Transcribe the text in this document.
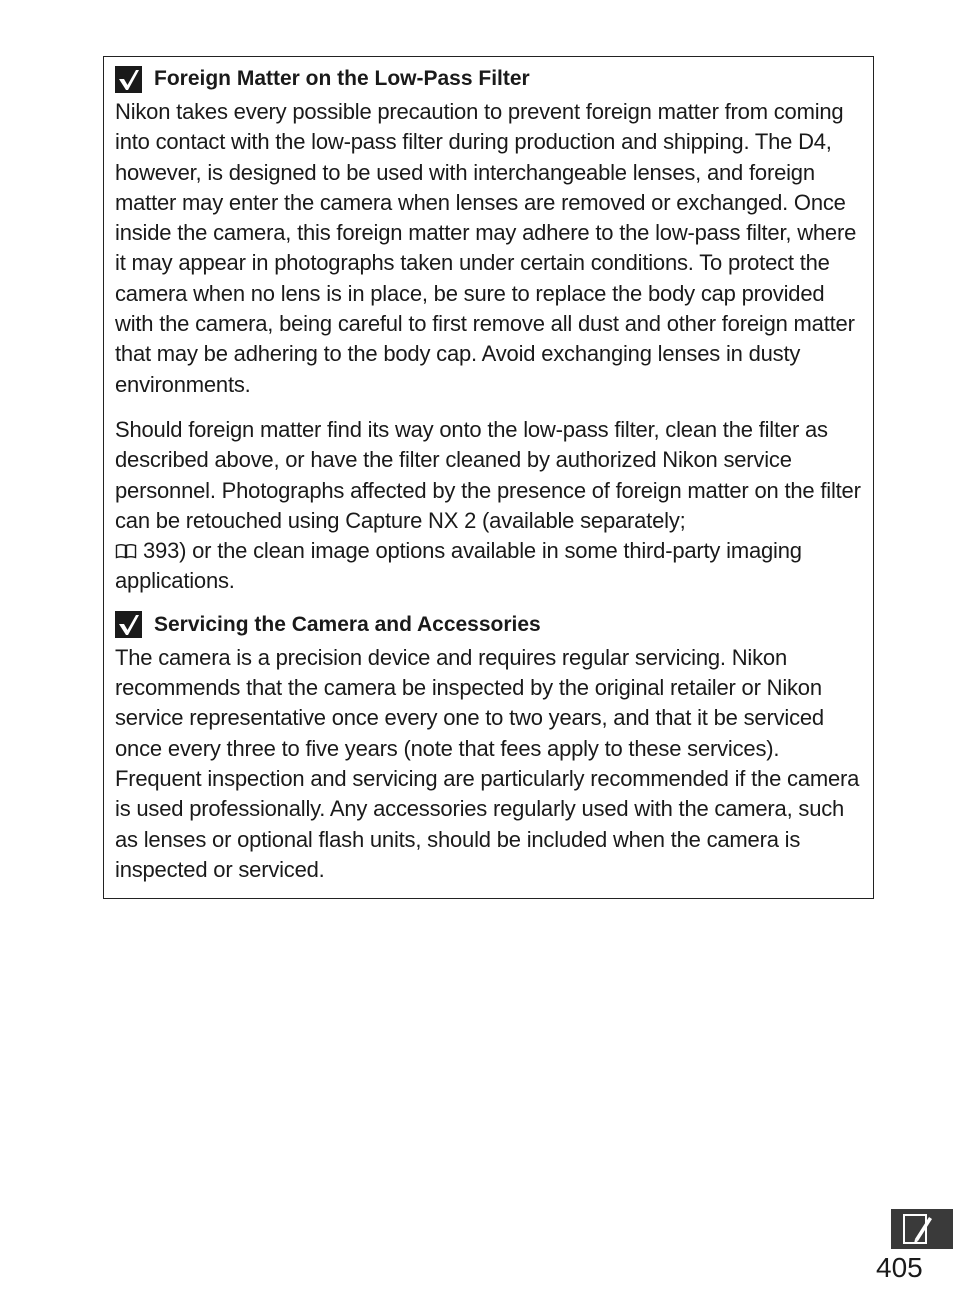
Foreign Matter on the Low-Pass Filter

Nikon takes every possible precaution to prevent foreign matter from coming into contact with the low-pass filter during production and shipping. The D4, however, is designed to be used with interchangeable lenses, and foreign matter may enter the camera when lenses are removed or exchanged. Once inside the camera, this foreign matter may adhere to the low-pass filter, where it may appear in photographs taken under certain conditions. To protect the camera when no lens is in place, be sure to replace the body cap provided with the camera, being careful to first remove all dust and other foreign matter that may be adhering to the body cap. Avoid exchanging lenses in dusty environments.

Should foreign matter find its way onto the low-pass filter, clean the filter as described above, or have the filter cleaned by authorized Nikon service personnel. Photographs affected by the presence of foreign matter on the filter can be retouched using Capture NX 2 (available separately;
393) or the clean image options available in some third-party imaging applications.

Servicing the Camera and Accessories

The camera is a precision device and requires regular servicing. Nikon recommends that the camera be inspected by the original retailer or Nikon service representative once every one to two years, and that it be serviced once every three to five years (note that fees apply to these services). Frequent inspection and servicing are particularly recommended if the camera is used professionally. Any accessories regularly used with the camera, such as lenses or optional flash units, should be included when the camera is inspected or serviced.

405
